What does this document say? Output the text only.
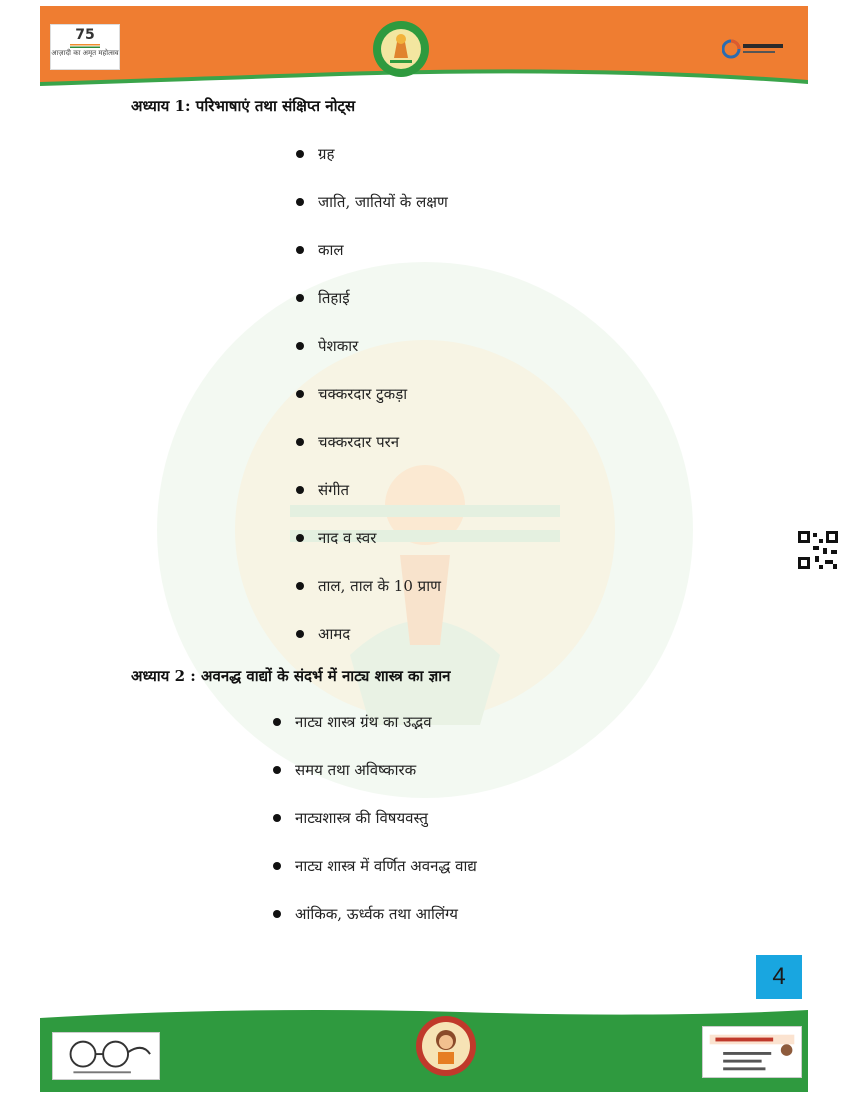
75
आज़ादी का अमृत महोत्सव
अध्याय 1: परिभाषाएं तथा संक्षिप्त नोट्स
ग्रह
जाति, जातियों के लक्षण
काल
तिहाई
पेशकार
चक्करदार टुकड़ा
चक्करदार परन
संगीत
नाद व स्वर
ताल, ताल के 10 प्राण
आमद
अध्याय 2 : अवनद्ध वाद्यों के संदर्भ में नाट्य शास्त्र का ज्ञान
नाट्य शास्त्र ग्रंथ का उद्भव
समय तथा अविष्कारक
नाट्यशास्त्र की विषयवस्तु
नाट्य शास्त्र में वर्णित अवनद्ध वाद्य
आंकिक, ऊर्ध्वक तथा आलिंग्य
4
